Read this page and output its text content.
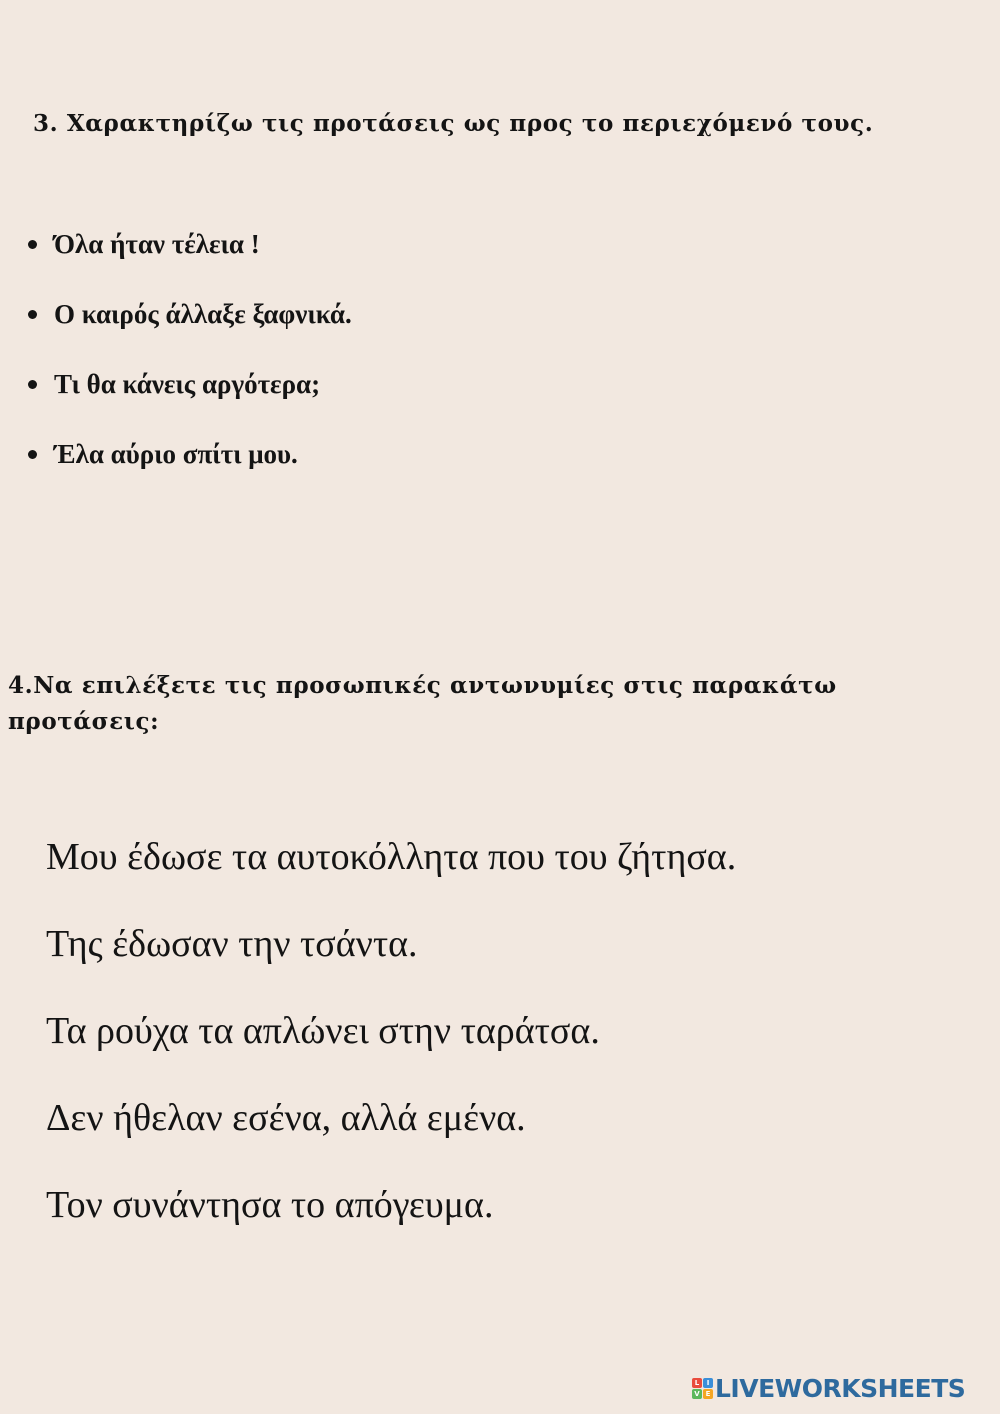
3. Χαρακτηρίζω τις προτάσεις ως προς το περιεχόμενό τους.
Όλα ήταν τέλεια !
Ο καιρός άλλαξε ξαφνικά.
Τι θα κάνεις αργότερα;
Έλα αύριο σπίτι μου.
4.Να επιλέξετε τις προσωπικές αντωνυμίες στις παρακάτω προτάσεις:
Μου έδωσε τα αυτοκόλλητα που του ζήτησα.
Της έδωσαν την τσάντα.
Τα ρούχα τα απλώνει στην ταράτσα.
Δεν ήθελαν εσένα, αλλά εμένα.
Τον συνάντησα το απόγευμα.
L	I
V E LIVEWORKSHEETS
